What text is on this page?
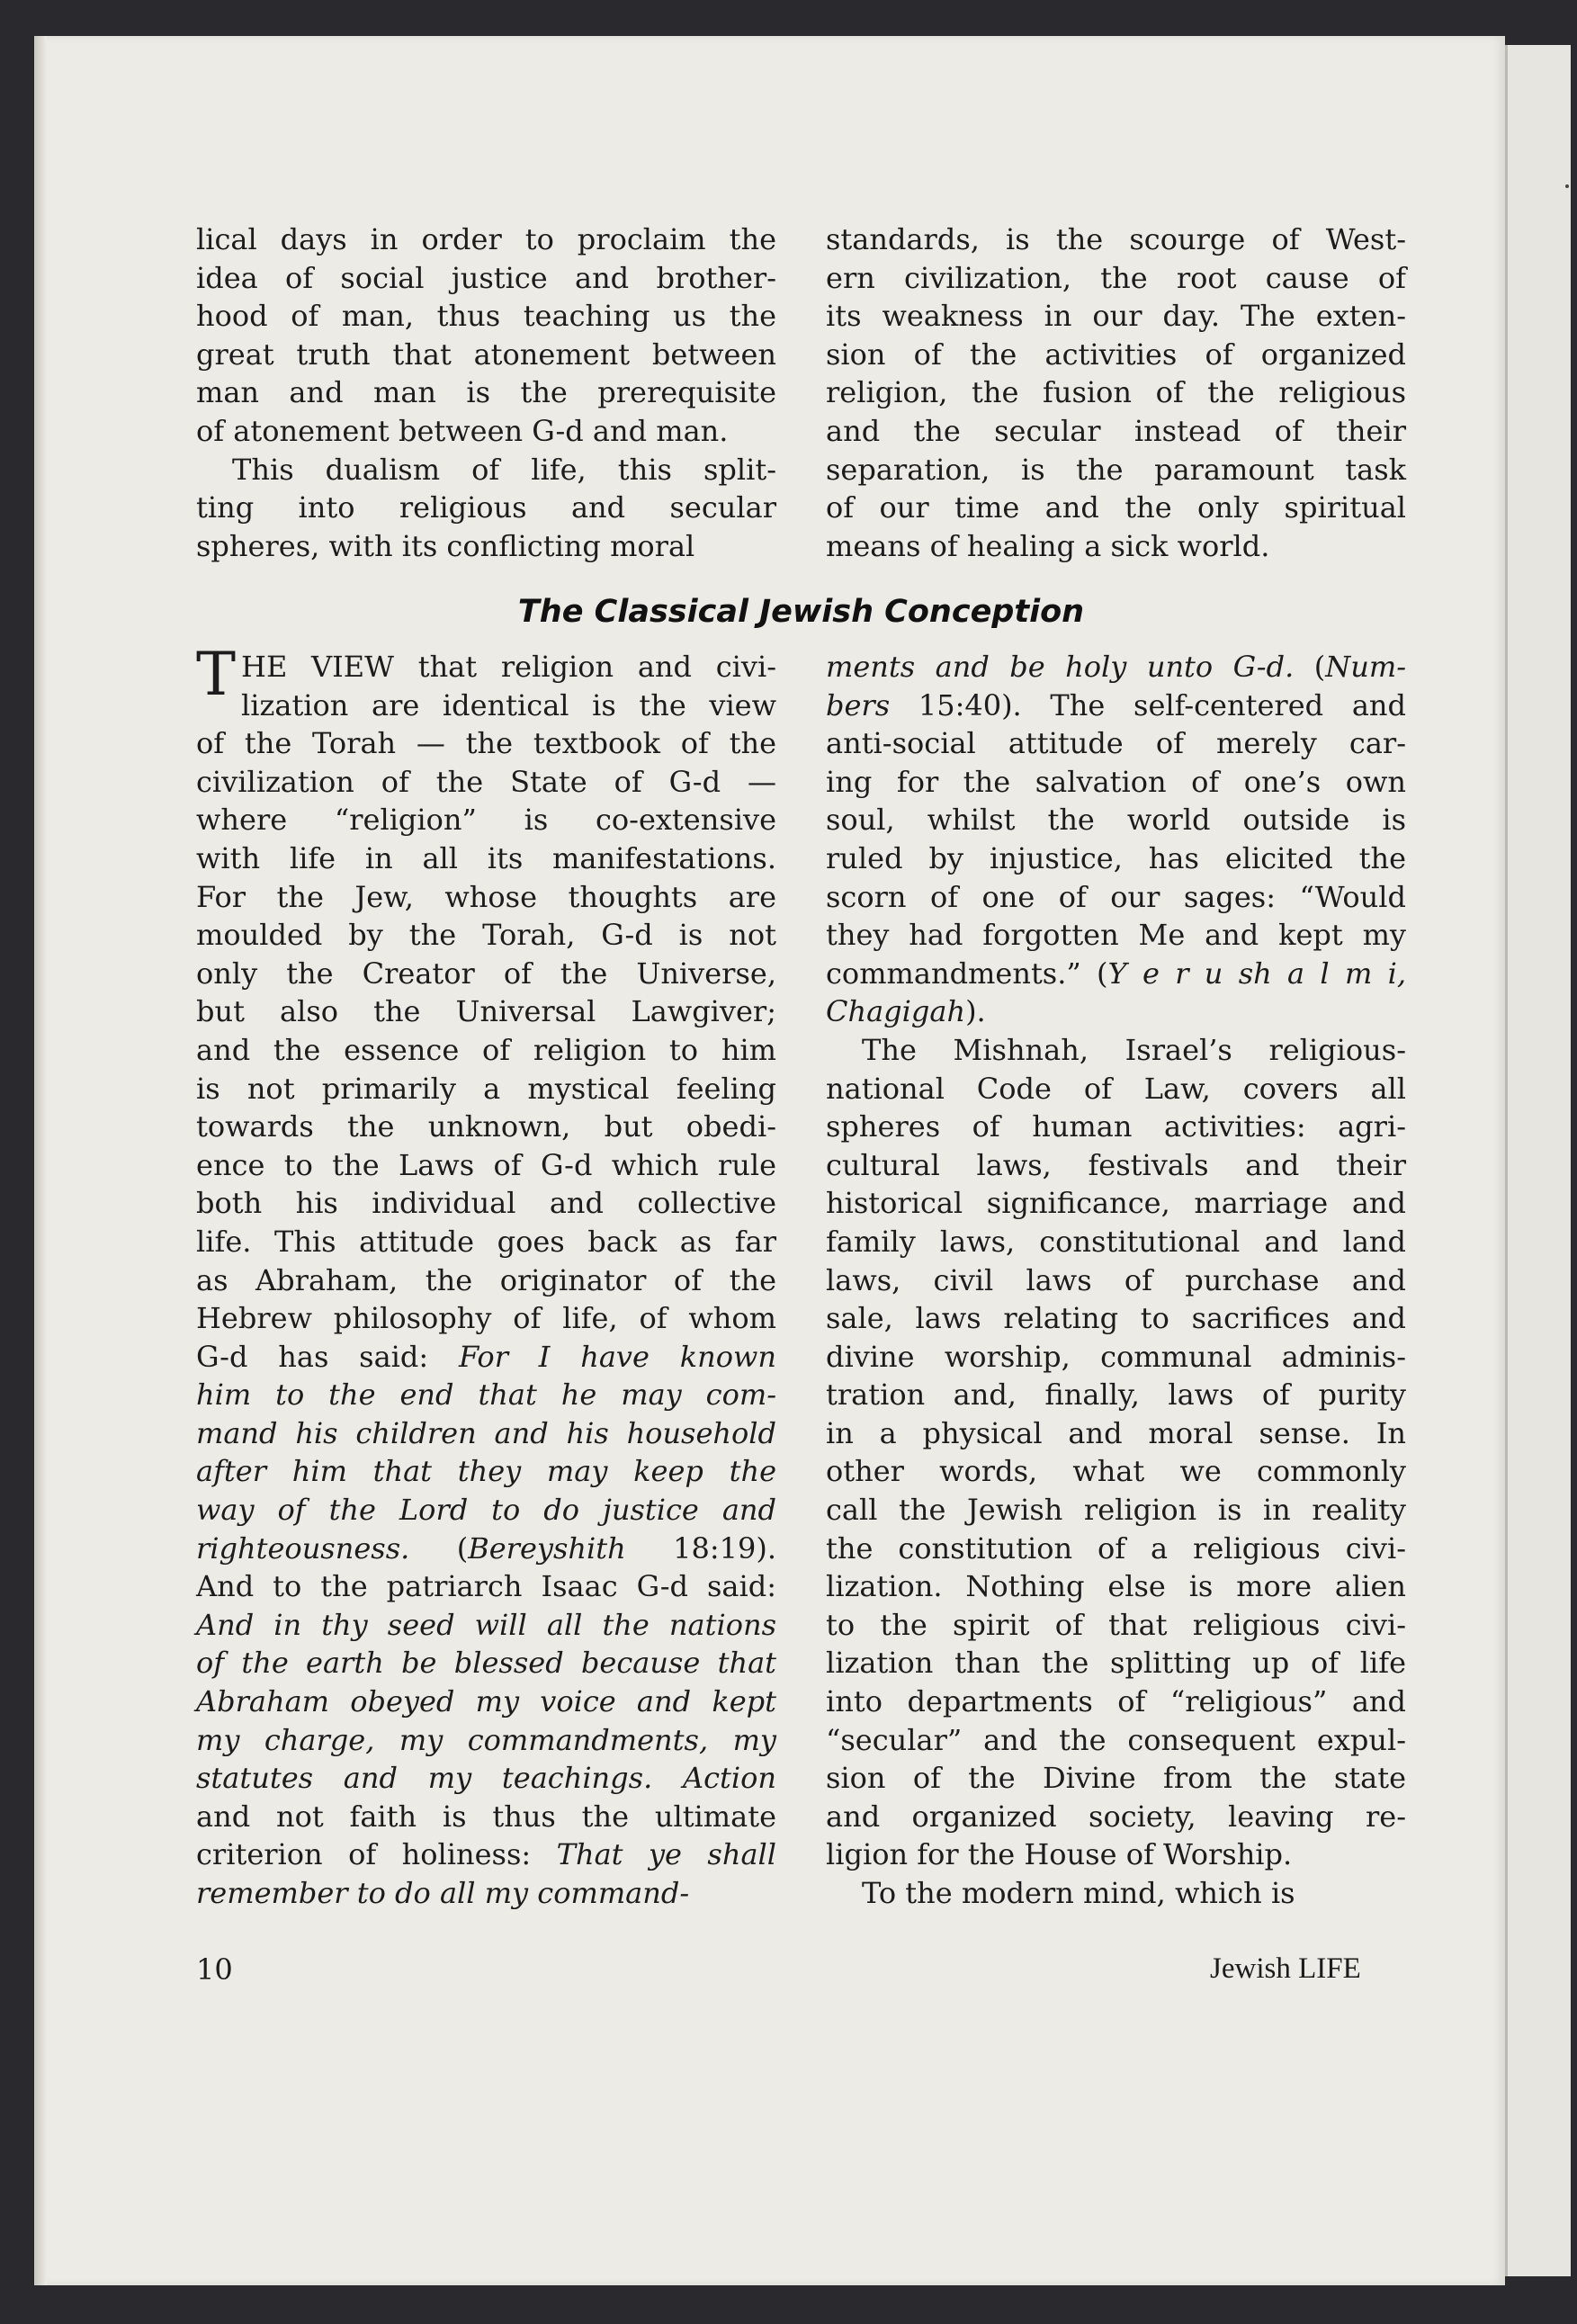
lical days in order to proclaim the
idea of social justice and brother-
hood of man, thus teaching us the
great truth that atonement between
man and man is the prerequisite
of atonement between G-d and man.
This dualism of life, this split-
ting into religious and secular
spheres, with its conflicting moral
standards, is the scourge of West-
ern civilization, the root cause of
its weakness in our day. The exten-
sion of the activities of organized
religion, the fusion of the religious
and the secular instead of their
separation, is the paramount task
of our time and the only spiritual
means of healing a sick world.
The Classical Jewish Conception
THE VIEW that religion and civi-
lization are identical is the view
of the Torah — the textbook of the
civilization of the State of G-d —
where “religion” is co-extensive
with life in all its manifestations.
For the Jew, whose thoughts are
moulded by the Torah, G-d is not
only the Creator of the Universe,
but also the Universal Lawgiver;
and the essence of religion to him
is not primarily a mystical feeling
towards the unknown, but obedi-
ence to the Laws of G-d which rule
both his individual and collective
life. This attitude goes back as far
as Abraham, the originator of the
Hebrew philosophy of life, of whom
G-d has said: For I have known
him to the end that he may com-
mand his children and his household
after him that they may keep the
way of the Lord to do justice and
righteousness. (Bereyshith 18:19).
And to the patriarch Isaac G-d said:
And in thy seed will all the nations
of the earth be blessed because that
Abraham obeyed my voice and kept
my charge, my commandments, my
statutes and my teachings. Action
and not faith is thus the ultimate
criterion of holiness: That ye shall
remember to do all my command-
ments and be holy unto G-d. (Num-
bers 15:40). The self-centered and
anti-social attitude of merely car-
ing for the salvation of one’s own
soul, whilst the world outside is
ruled by injustice, has elicited the
scorn of one of our sages: “Would
they had forgotten Me and kept my
commandments.” (Y e r u sh a l m i,
Chagigah).
The Mishnah, Israel’s religious-
national Code of Law, covers all
spheres of human activities: agri-
cultural laws, festivals and their
historical significance, marriage and
family laws, constitutional and land
laws, civil laws of purchase and
sale, laws relating to sacrifices and
divine worship, communal adminis-
tration and, finally, laws of purity
in a physical and moral sense. In
other words, what we commonly
call the Jewish religion is in reality
the constitution of a religious civi-
lization. Nothing else is more alien
to the spirit of that religious civi-
lization than the splitting up of life
into departments of “religious” and
“secular” and the consequent expul-
sion of the Divine from the state
and organized society, leaving re-
ligion for the House of Worship.
To the modern mind, which is
10	Jewish LIFE
